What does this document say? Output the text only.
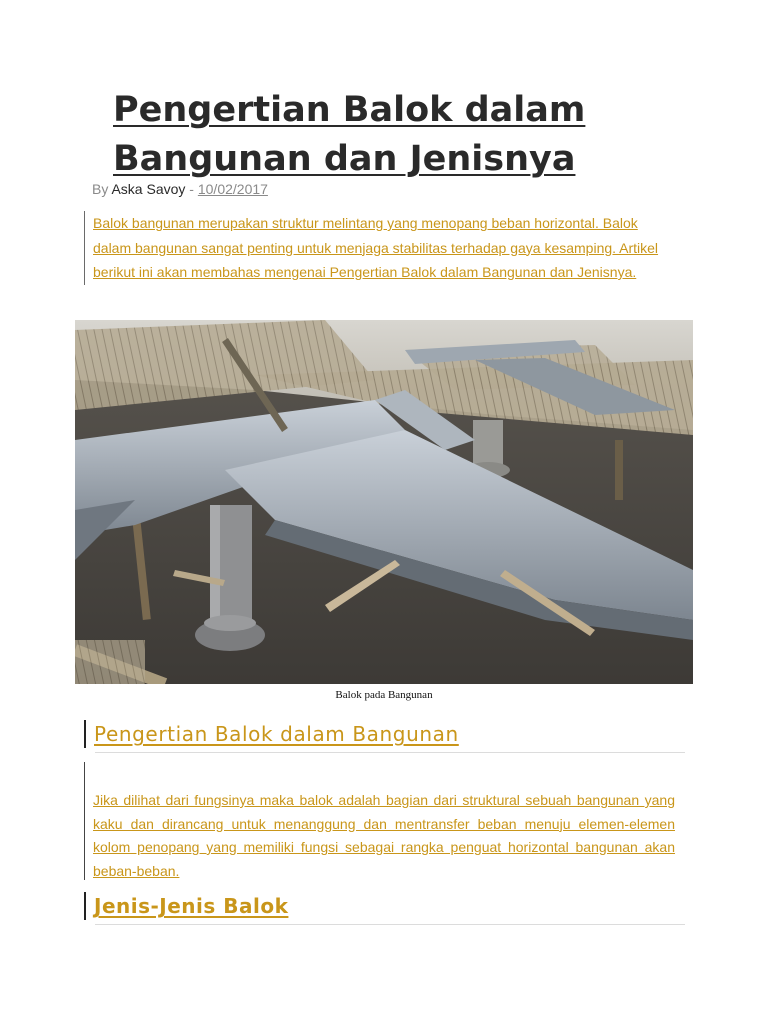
Pengertian Balok dalam Bangunan dan Jenisnya
By Aska Savoy - 10/02/2017
Balok bangunan merupakan struktur melintang yang menopang beban horizontal. Balok dalam bangunan sangat penting untuk menjaga stabilitas terhadap gaya kesamping. Artikel berikut ini akan membahas mengenai Pengertian Balok dalam Bangunan dan Jenisnya.
Balok pada Bangunan
Pengertian Balok dalam Bangunan
Jika dilihat dari fungsinya maka balok adalah bagian dari struktural sebuah bangunan yang kaku dan dirancang untuk menanggung dan mentransfer beban menuju elemen-elemen kolom penopang yang memiliki fungsi sebagai rangka penguat horizontal bangunan akan beban-beban.
Jenis-Jenis Balok
